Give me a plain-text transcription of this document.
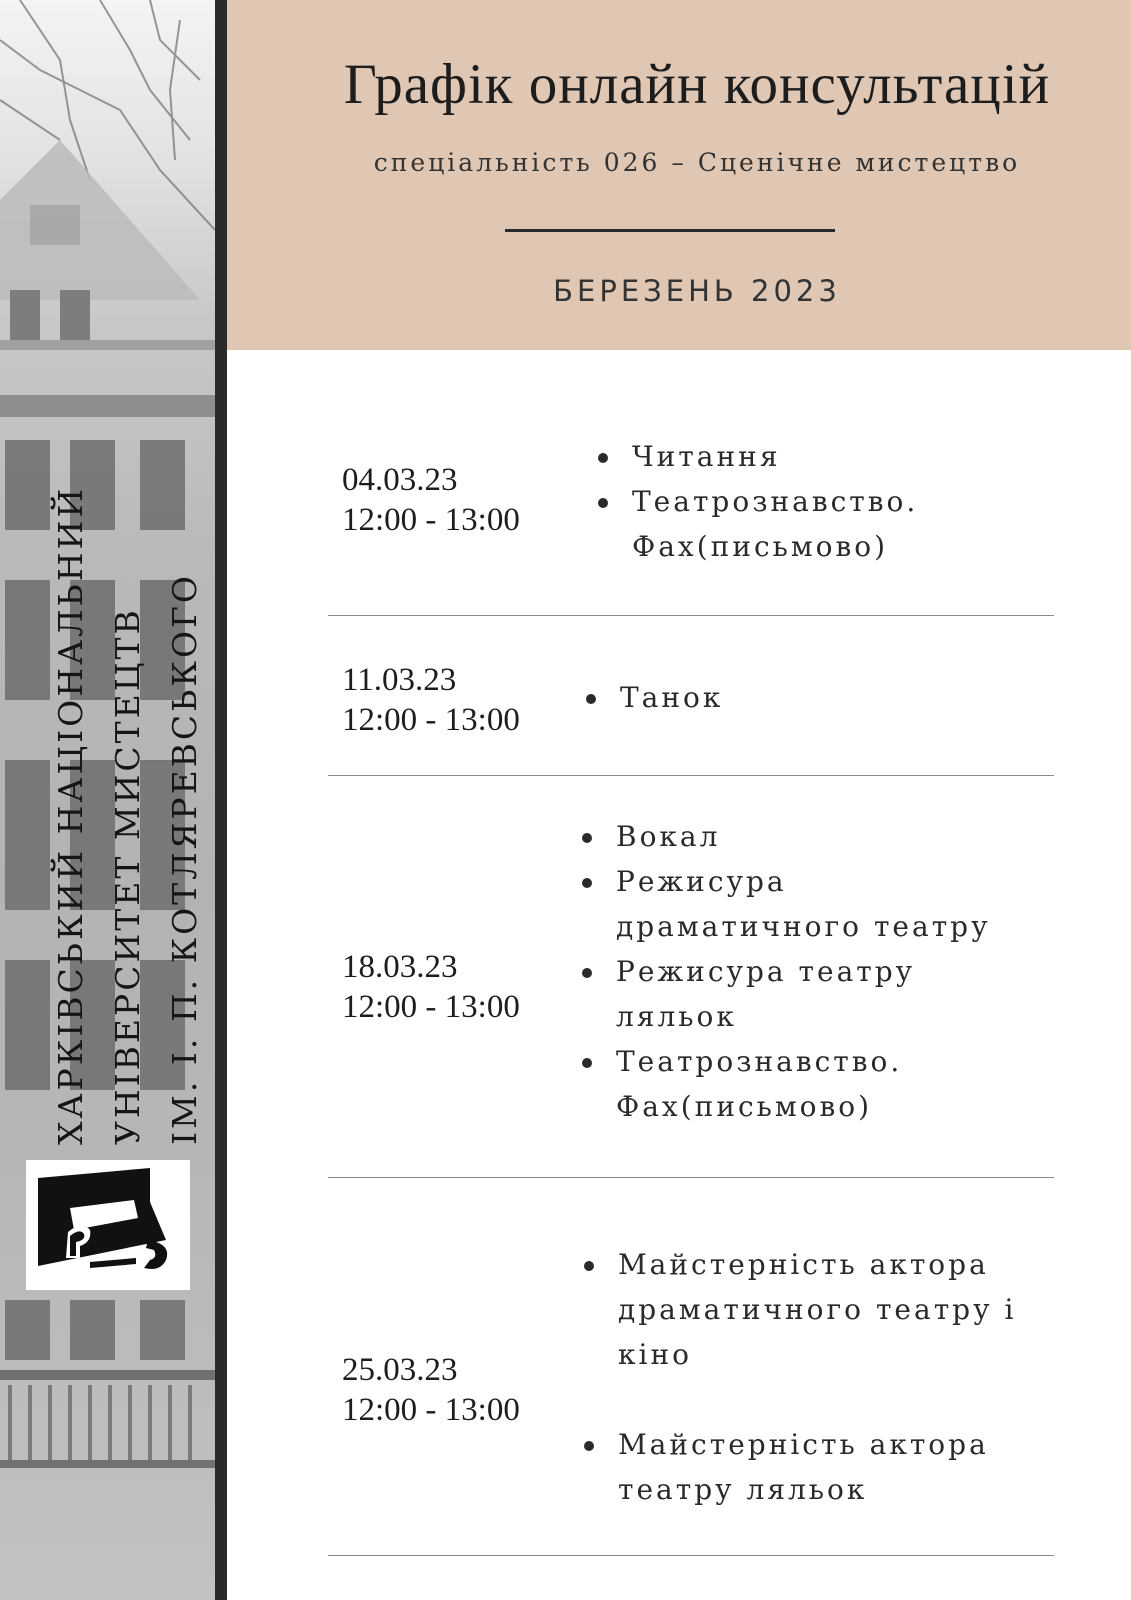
ХАРКІВСЬКИЙ НАЦІОНАЛЬНИЙ УНІВЕРСИТЕТ МИСТЕЦТВ ІМ. І. П. КОТЛЯРЕВСЬКОГО
Графік онлайн консультацій
спеціальність 026 – Сценічне мистецтво
БЕРЕЗЕНЬ 2023
04.03.23
12:00 - 13:00
Читання
Театрознавство. Фах(письмово)
11.03.23
12:00 - 13:00
Танок
18.03.23
12:00 - 13:00
Вокал
Режисура драматичного театру
Режисура театру ляльок
Театрознавство. Фах(письмово)
25.03.23
12:00 - 13:00
Майстерність актора драматичного театру і кіно
Майстерність актора театру ляльок
